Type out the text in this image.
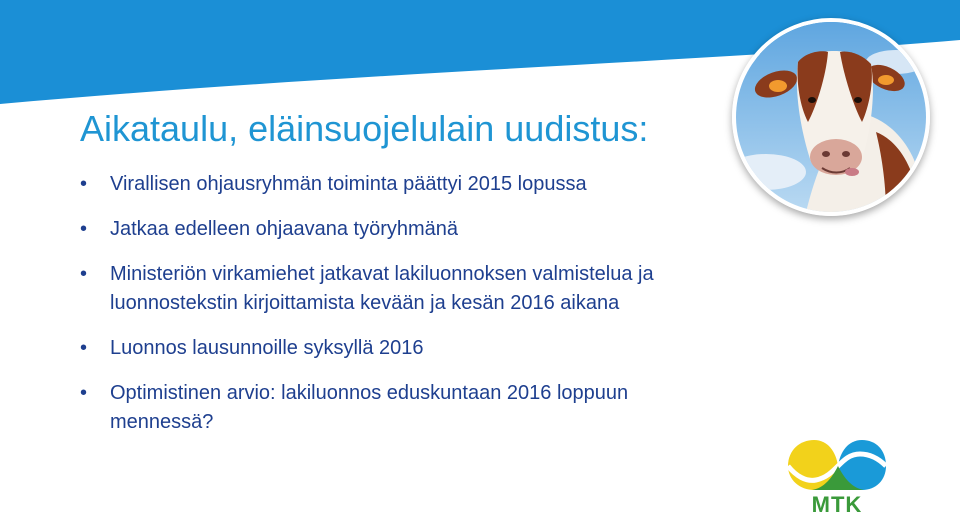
Aikataulu, eläinsuojelulain uudistus:
•	Virallisen ohjausryhmän toiminta päättyi 2015 lopussa
•	Jatkaa edelleen ohjaavana työryhmänä
•	Ministeriön virkamiehet jatkavat lakiluonnoksen valmistelua ja luonnostekstin kirjoittamista kevään ja kesän 2016 aikana
•	Luonnos lausunnoille syksyllä 2016
•	Optimistinen arvio: lakiluonnos eduskuntaan 2016 loppuun mennessä?
MTK
